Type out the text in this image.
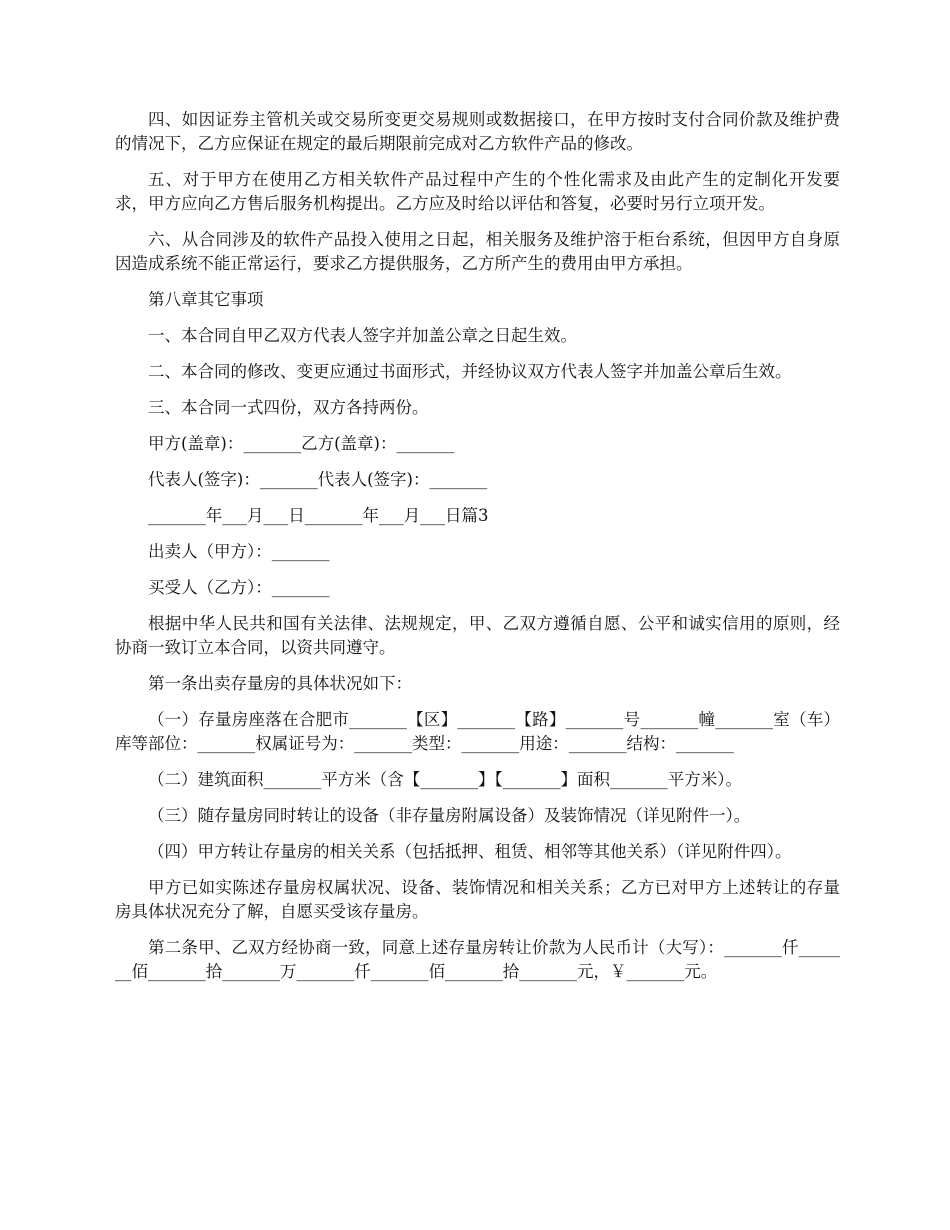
四、如因证券主管机关或交易所变更交易规则或数据接口，在甲方按时支付合同价款及维护费的情况下，乙方应保证在规定的最后期限前完成对乙方软件产品的修改。

五、对于甲方在使用乙方相关软件产品过程中产生的个性化需求及由此产生的定制化开发要求，甲方应向乙方售后服务机构提出。乙方应及时给以评估和答复，必要时另行立项开发。

六、从合同涉及的软件产品投入使用之日起，相关服务及维护溶于柜台系统，但因甲方自身原因造成系统不能正常运行，要求乙方提供服务，乙方所产生的费用由甲方承担。

第八章其它事项

一、本合同自甲乙双方代表人签字并加盖公章之日起生效。

二、本合同的修改、变更应通过书面形式，并经协议双方代表人签字并加盖公章后生效。

三、本合同一式四份，双方各持两份。

甲方(盖章)：_______乙方(盖章)：_______

代表人(签字)：_______代表人(签字)：_______

_______年___月___日_______年___月___日篇3

出卖人（甲方）：_______

买受人（乙方）：_______

根据中华人民共和国有关法律、法规规定，甲、乙双方遵循自愿、公平和诚实信用的原则，经协商一致订立本合同，以资共同遵守。

第一条出卖存量房的具体状况如下：

（一）存量房座落在合肥市_______【区】_______【路】_______号_______幢_______室（车）库等部位：_______权属证号为：_______类型：_______用途：_______结构：_______

（二）建筑面积_______平方米（含【_______】【_______】面积_______平方米）。

（三）随存量房同时转让的设备（非存量房附属设备）及装饰情况（详见附件一）。

（四）甲方转让存量房的相关关系（包括抵押、租赁、相邻等其他关系）（详见附件四）。

甲方已如实陈述存量房权属状况、设备、装饰情况和相关关系；乙方已对甲方上述转让的存量房具体状况充分了解，自愿买受该存量房。

第二条甲、乙双方经协商一致，同意上述存量房转让价款为人民币计（大写）：_______仟_______佰_______拾_______万_______仟_______佰_______拾_______元，￥_______元。
